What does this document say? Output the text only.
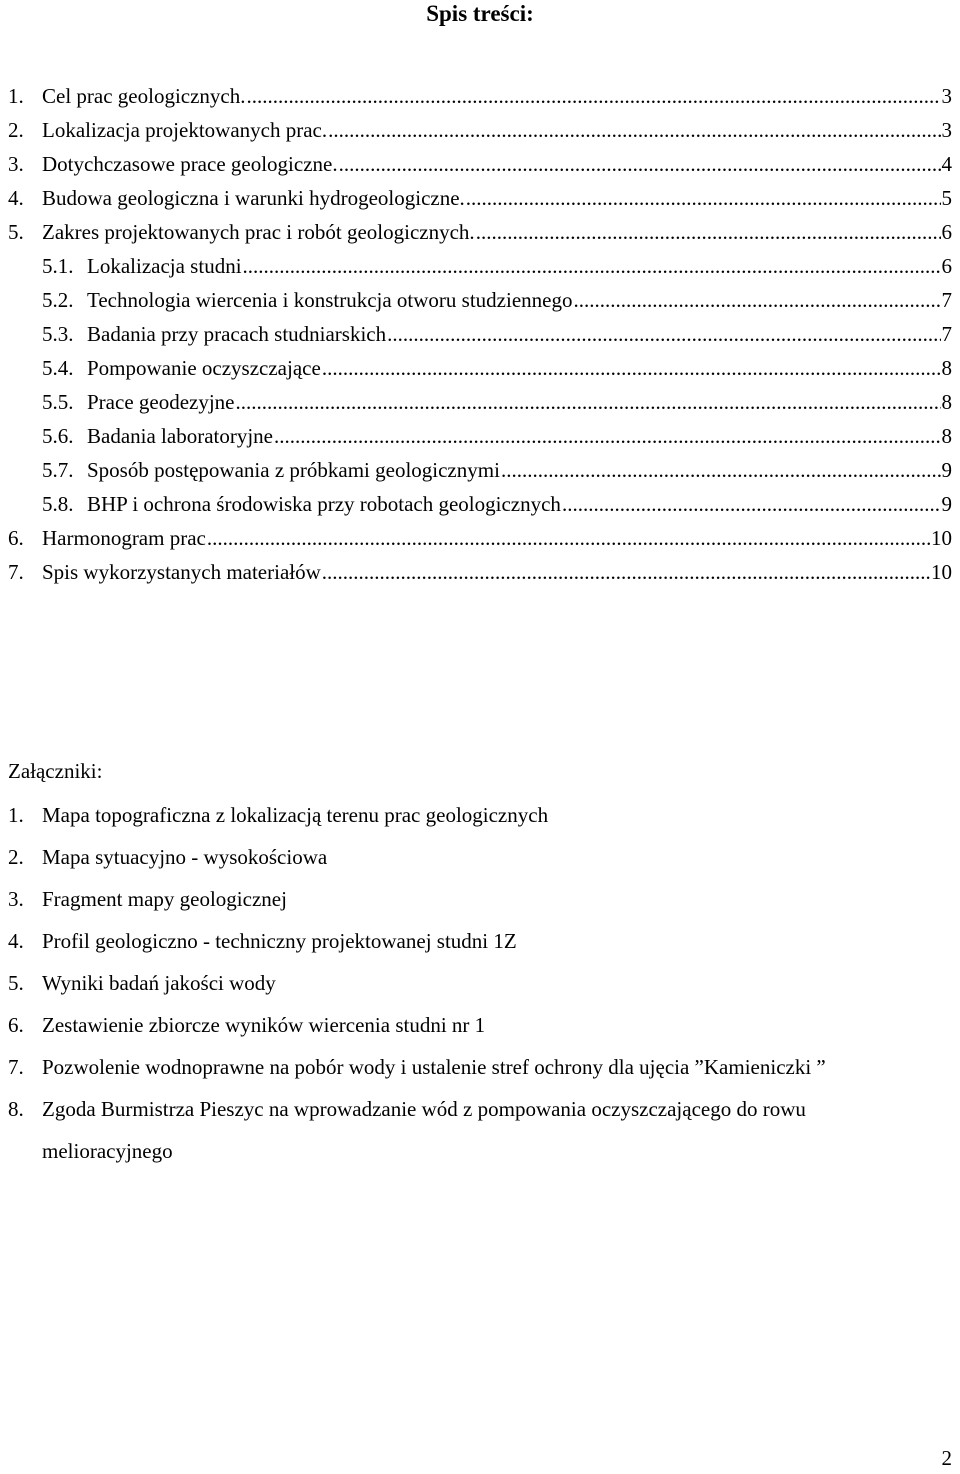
Spis treści:
1. Cel prac geologicznych. .....	3
2. Lokalizacja projektowanych prac. .....	3
3. Dotychczasowe prace geologiczne. .....	4
4. Budowa geologiczna i warunki hydrogeologiczne. .....	5
5. Zakres projektowanych prac i robót geologicznych. .....	6
5.1. Lokalizacja studni .....	6
5.2. Technologia wiercenia i konstrukcja otworu studziennego .....	7
5.3. Badania przy pracach studniarskich .....	7
5.4. Pompowanie oczyszczające .....	8
5.5. Prace geodezyjne .....	8
5.6. Badania laboratoryjne .....	8
5.7. Sposób postępowania z próbkami geologicznymi .....	9
5.8. BHP i ochrona środowiska przy robotach geologicznych .....	9
6. Harmonogram prac .....	10
7. Spis wykorzystanych materiałów .....	10
Załączniki:
1. Mapa topograficzna z lokalizacją terenu prac geologicznych
2. Mapa sytuacyjno - wysokościowa
3. Fragment mapy geologicznej
4. Profil geologiczno - techniczny projektowanej studni 1Z
5. Wyniki badań jakości wody
6. Zestawienie zbiorcze wyników wiercenia studni nr 1
7. Pozwolenie wodnoprawne na pobór wody i ustalenie stref ochrony dla ujęcia ”Kamieniczki ”
8. Zgoda Burmistrza Pieszyc na wprowadzanie wód z pompowania oczyszczającego do rowu melioracyjnego
2
